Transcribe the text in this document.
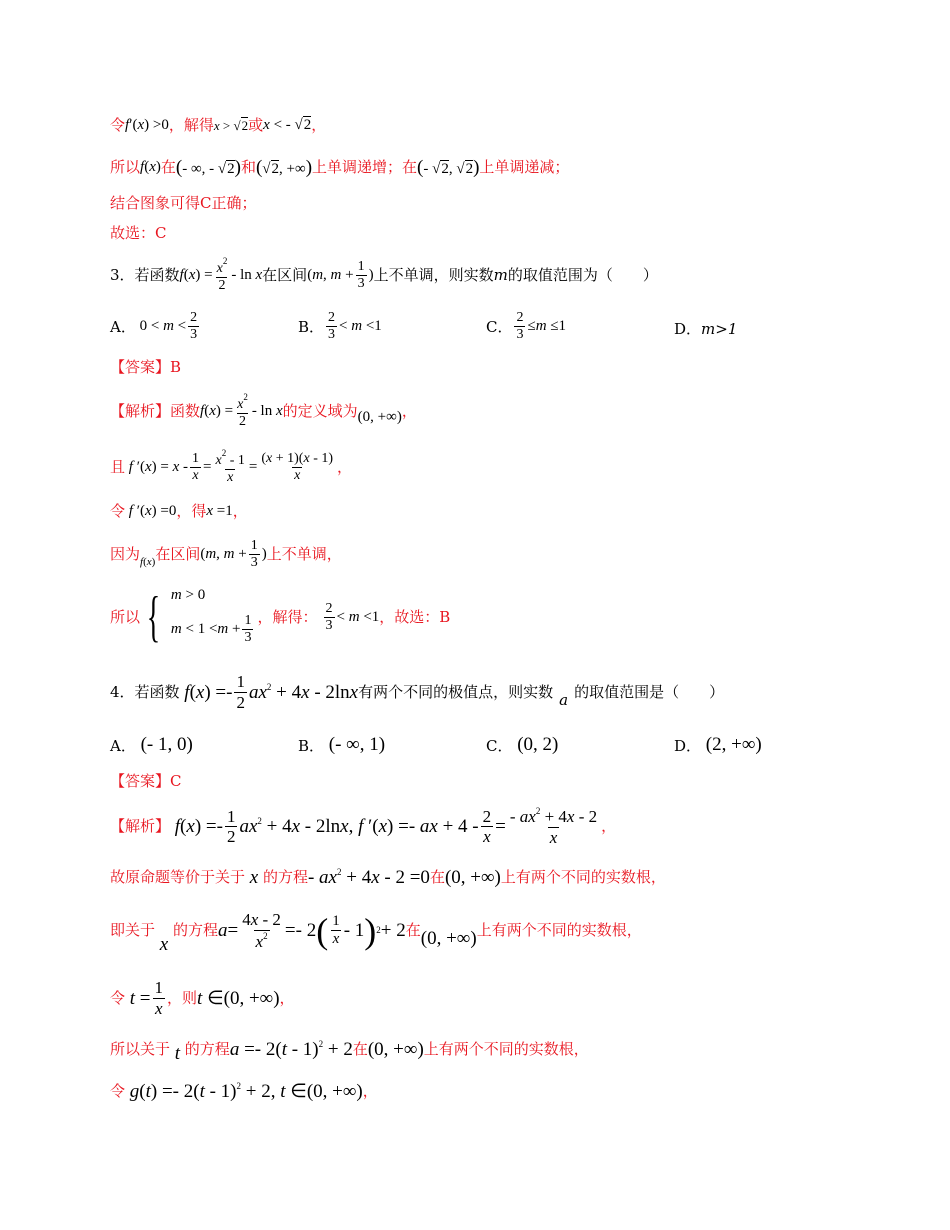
令 f′(x) >0 ，解得 x > √2 或 x < - √2 ，
所以 f(x) 在 (- ∞, - √2) 和 (√2, +∞) 上单调递增；在 (- √2, √2) 上单调递减；
结合图象可得C正确；
故选：C
3．若函数 $f(x) = \frac{x^2}{2} - \ln x$ 在区间 (m, $m + \frac{1}{3}$ ) 上不单调，则实数 m 的取值范围为（　　）
A． $0 < m < \frac{2}{3}$	B． $\frac{2}{3} < m <1$	C． $\frac{2}{3} \le m \le 1$	D． m>1
【答案】 B
【解析】 函数 $f(x) = \frac{x^2}{2} - \ln x$ 的定义域为 (0, +∞) ，
且 f $'(x) = x - \frac{1}{x} = \frac{x^2 - 1}{x} = \frac{(x + 1)(x - 1)}{x}$ ，
令 f ′(x) =0 ，得 x =1 ，
因为 f(x) 在区间 (m, $m + \frac{1}{3}$ ) 上不单调，
所以 { m > 0
$m < 1 < m + \frac{1}{3}$ ，解得： $\frac{2}{3} < m <1$ ，故选：B
4．若函数 $f(x) =- \frac{1}{2} ax^2 + 4x - 2\ln x$ 有两个不同的极值点，则实数 a 的取值范围是（　　）
A． (- 1, 0)	B． (- ∞, 1)	C． (0, 2)	D． (2, +∞)
【答案】 C
【解析】 $f(x) =- \frac{1}{2} ax^2 + 4x - 2\ln x$, f ′(x) =- ax + $4 - \frac{2}{x} = \frac{- ax^2 + 4x - 2}{x}$ ，
故原命题等价于关于 x 的方程 - $ax^2 + 4x - 2 =0$ 在 (0, +∞) 上有两个不同的实数根，
即关于
x
的方程 $a = \frac{4x - 2}{x^2} =- 2$ ( $\frac{1}{x} - 1$ ) 2 + 2 在 (0, +∞) 上有两个不同的实数根，
令 $t = \frac{1}{x}$ ，则 t ∈(0, +∞) ，
所以关于 t 的方程 a =- 2(t - 1)$^2$ + 2 在 (0, +∞) 上有两个不同的实数根，
令 g(t) =- 2(t - 1)$^2$ + 2, t ∈(0, +∞) ，
